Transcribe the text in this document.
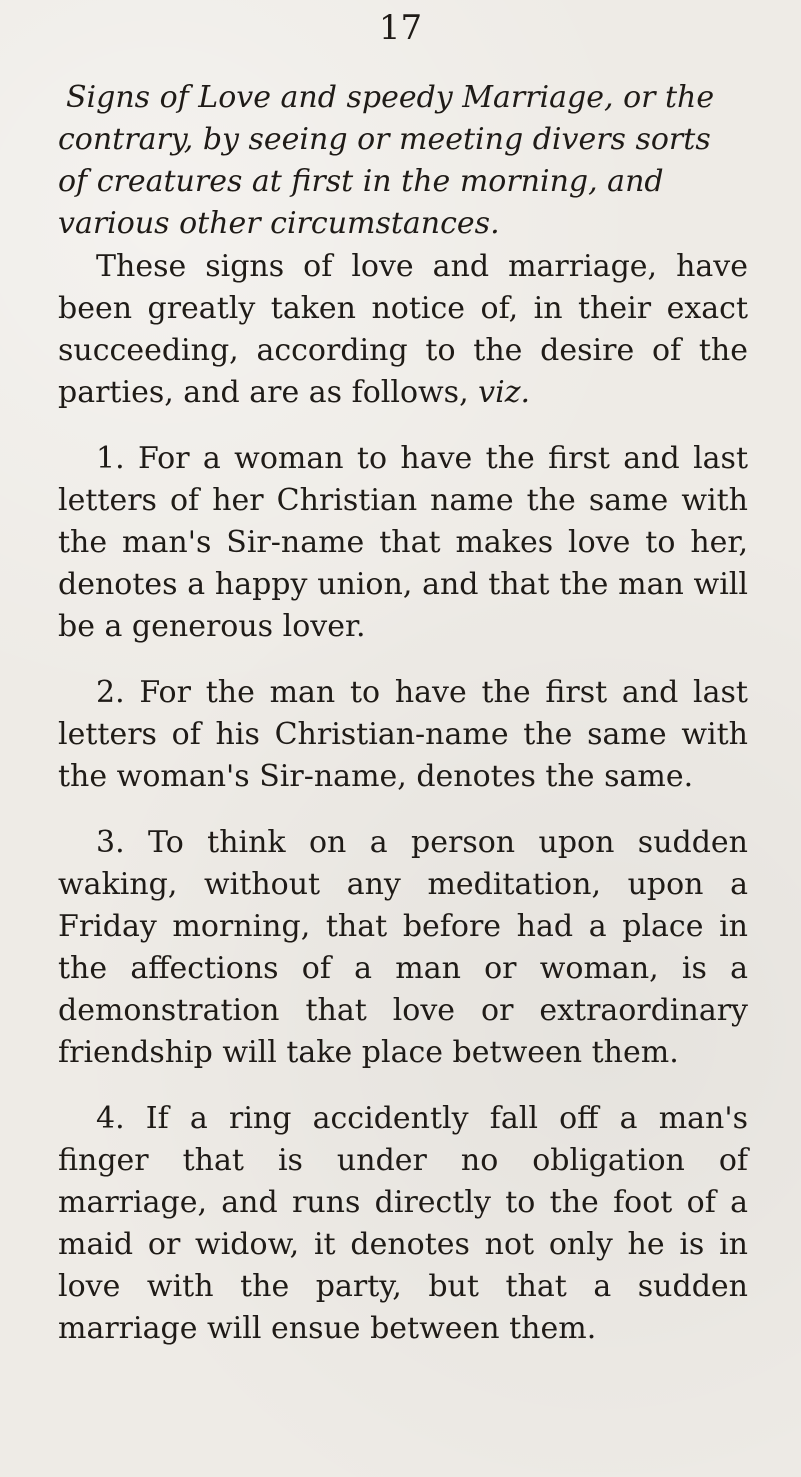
17
Signs of Love and speedy Marriage, or the contrary, by seeing or meeting divers sorts of creatures at first in the morning, and various other circumstances.

These signs of love and marriage, have been greatly taken notice of, in their exact succeeding, according to the desire of the parties, and are as follows, viz.

1. For a woman to have the first and last letters of her Christian name the same with the man's Sir-name that makes love to her, denotes a happy union, and that the man will be a generous lover.

2. For the man to have the first and last letters of his Christian-name the same with the woman's Sir-name, denotes the same.

3. To think on a person upon sudden waking, without any meditation, upon a Friday morning, that before had a place in the affections of a man or woman, is a demonstration that love or extraordinary friendship will take place between them.

4. If a ring accidently fall off a man's finger that is under no obligation of marriage, and runs directly to the foot of a maid or widow, it denotes not only he is in love with the party, but that a sudden marriage will ensue between them.
